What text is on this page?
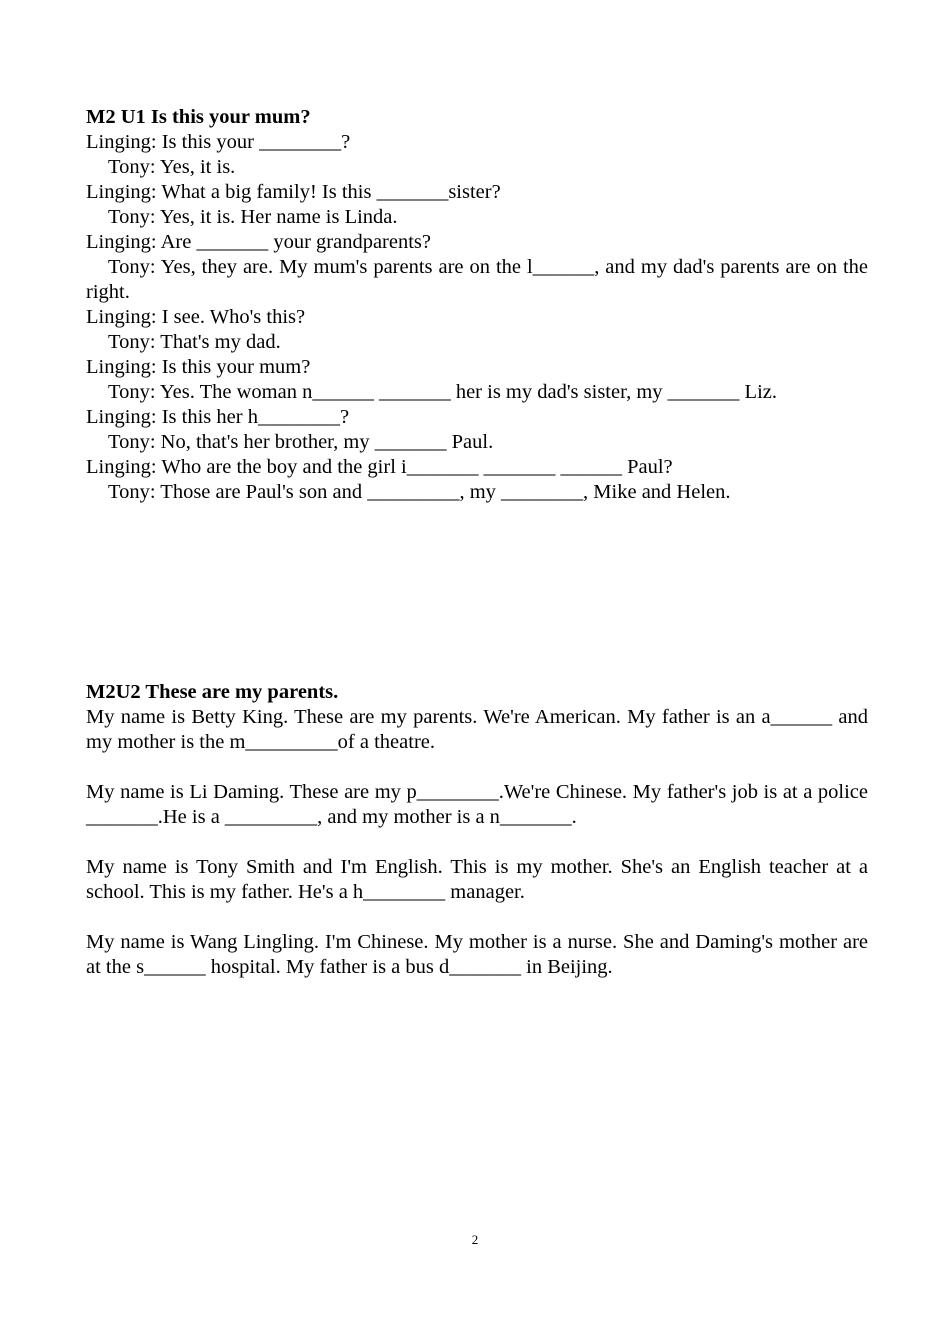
M2 U1 Is this your mum?

Linging: Is this your ________?

Tony: Yes, it is.

Linging: What a big family! Is this _______sister?

Tony: Yes, it is. Her name is Linda.

Linging: Are _______ your grandparents?

Tony: Yes, they are. My mum's parents are on the l______, and my dad's parents are on the right.

Linging: I see. Who's this?

Tony: That's my dad.

Linging: Is this your mum?

Tony: Yes. The woman n______ _______ her is my dad's sister, my _______ Liz.

Linging: Is this her h________?

Tony: No, that's her brother, my _______ Paul.

Linging: Who are the boy and the girl i_______ _______ ______ Paul?

Tony: Those are Paul's son and _________, my ________, Mike and Helen.

M2U2 These are my parents.

My name is Betty King. These are my parents. We're American. My father is an a______ and my mother is the m_________of a theatre.

My name is Li Daming. These are my p________.We're Chinese. My father's job is at a police _______.He is a _________, and my mother is a n_______.

My name is Tony Smith and I'm English. This is my mother. She's an English teacher at a school. This is my father. He's a h________ manager.

My name is Wang Lingling. I'm Chinese. My mother is a nurse. She and Daming's mother are at the s______ hospital. My father is a bus d_______ in Beijing.

2
